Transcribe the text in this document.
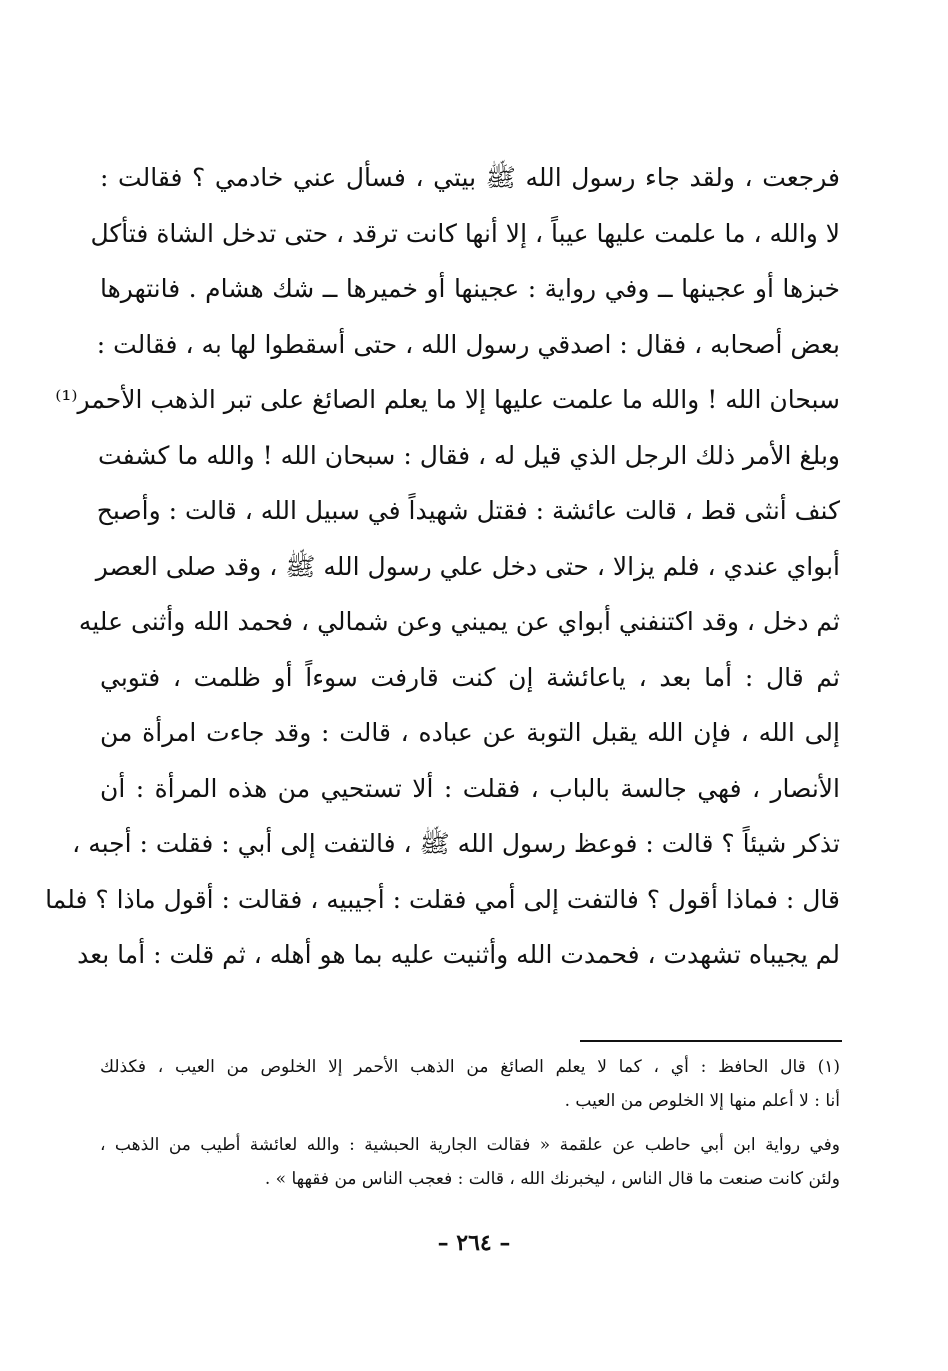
فرجعت ، ولقد جاء رسول الله ﷺ بيتي ، فسأل عني خادمي ؟ فقالت :
لا والله ، ما علمت عليها عيباً ، إلا أنها كانت ترقد ، حتى تدخل الشاة فتأكل
خبزها أو عجينها ــ وفي رواية : عجينها أو خميرها ــ شك هشام . فانتهرها
بعض أصحابه ، فقال : اصدقي رسول الله ، حتى أسقطوا لها به ، فقالت :
سبحان الله ! والله ما علمت عليها إلا ما يعلم الصائغ على تبر الذهب الأحمر⁽¹⁾
وبلغ الأمر ذلك الرجل الذي قيل له ، فقال : سبحان الله ! والله ما كشفت
كنف أنثى قط ، قالت عائشة : فقتل شهيداً في سبيل الله ، قالت : وأصبح
أبواي عندي ، فلم يزالا ، حتى دخل علي رسول الله ﷺ ، وقد صلى العصر
ثم دخل ، وقد اكتنفني أبواي عن يميني وعن شمالي ، فحمد الله وأثنى عليه
ثم قال : أما بعد ، ياعائشة إن كنت قارفت سوءاً أو ظلمت ، فتوبي
إلى الله ، فإن الله يقبل التوبة عن عباده ، قالت : وقد جاءت امرأة من
الأنصار ، فهي جالسة بالباب ، فقلت : ألا تستحيي من هذه المرأة : أن
تذكر شيئاً ؟ قالت : فوعظ رسول الله ﷺ ، فالتفت إلى أبي : فقلت : أجبه ،
قال : فماذا أقول ؟ فالتفت إلى أمي فقلت : أجيبيه ، فقالت : أقول ماذا ؟ فلما
لم يجيباه تشهدت ، فحمدت الله وأثنيت عليه بما هو أهله ، ثم قلت : أما بعد
(١) قال الحافظ : أي ، كما لا يعلم الصائغ من الذهب الأحمر إلا الخلوص من العيب ، فكذلك
أنا : لا أعلم منها إلا الخلوص من العيب .
وفي رواية ابن أبي حاطب عن علقمة « فقالت الجارية الحبشية : والله لعائشة أطيب من الذهب ،
ولئن كانت صنعت ما قال الناس ، ليخبرنك الله ، قالت : فعجب الناس من فقهها » .
– ٢٦٤ –
